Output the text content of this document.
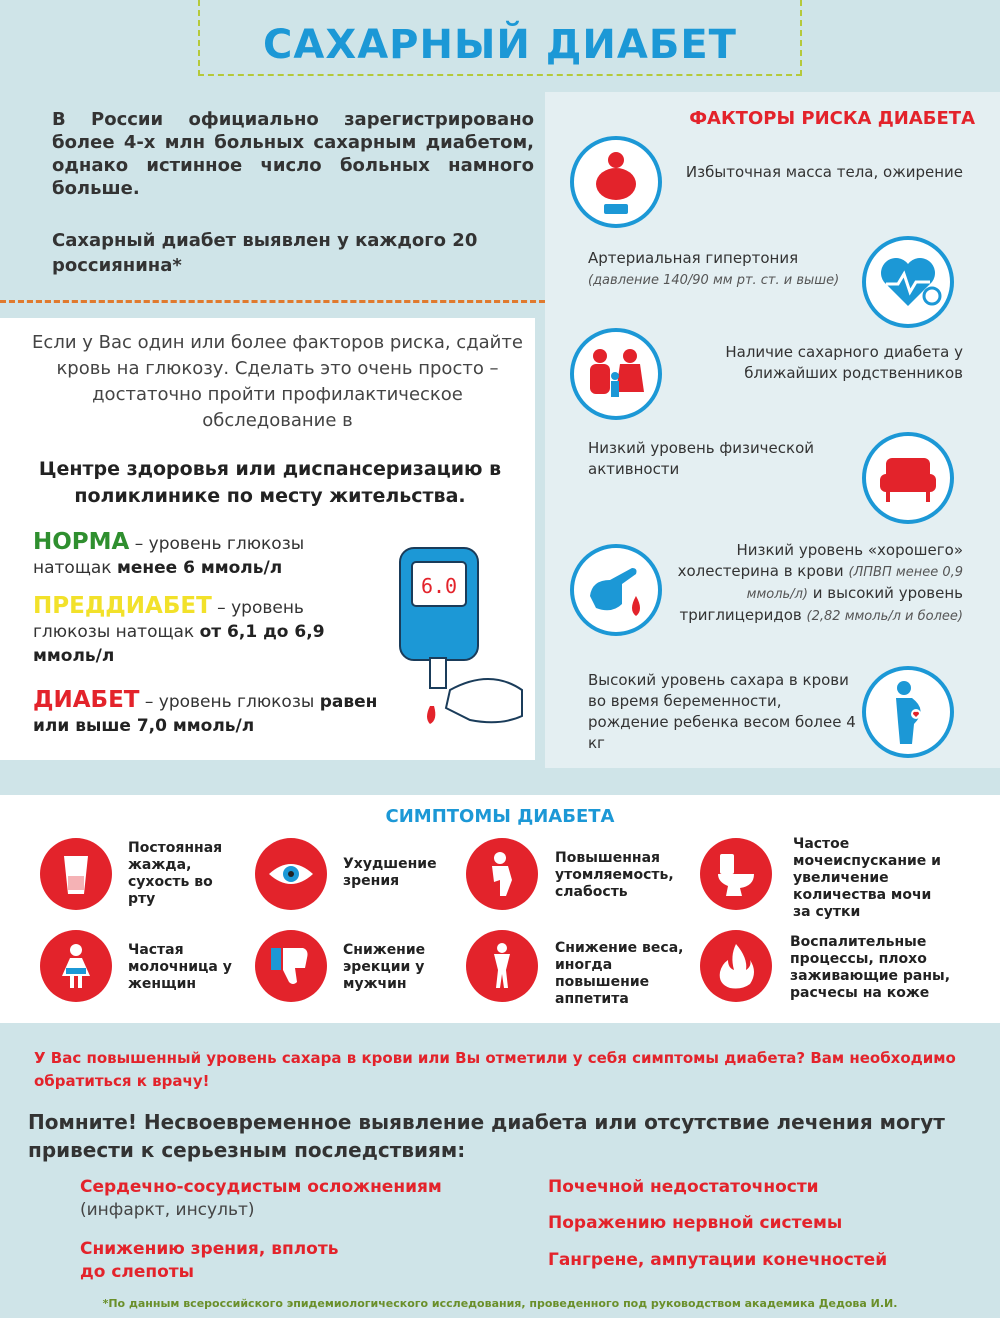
САХАРНЫЙ ДИАБЕТ
В России официально зарегистрировано более 4-х млн больных сахарным диабетом, однако истинное число больных намного больше.
Сахарный диабет выявлен у каждого 20 россиянина*
Если у Вас один или более факторов риска, сдайте кровь на глюкозу. Сделать это очень просто – достаточно пройти профилактическое обследование в
Центре здоровья или диспансеризацию в поликлинике по месту жительства.
НОРМА – уровень глюкозы натощак менее 6 ммоль/л
ПРЕДДИАБЕТ – уровень глюкозы натощак от 6,1 до 6,9 ммоль/л
ДИАБЕТ – уровень глюкозы равен или выше 7,0 ммоль/л
6.0
ФАКТОРЫ РИСКА ДИАБЕТА
Избыточная масса тела, ожирение
Артериальная гипертония
(давление 140/90 мм рт. ст. и выше)
Наличие сахарного диабета у ближайших родственников
Низкий уровень физической активности
Низкий уровень «хорошего» холестерина в крови (ЛПВП менее 0,9 ммоль/л) и высокий уровень триглицеридов (2,82 ммоль/л и более)
Высокий уровень сахара в крови во время беременности, рождение ребенка весом более 4 кг
СИМПТОМЫ ДИАБЕТА
Постоянная жажда, сухость во рту
Ухудшение зрения
Повышенная утомляемость, слабость
Частое мочеиспускание и увеличение количества мочи за сутки
Частая молочница у женщин
Снижение эрекции у мужчин
Снижение веса, иногда повышение аппетита
Воспалительные процессы, плохо заживающие раны, расчесы на коже
У Вас повышенный уровень сахара в крови или Вы отметили у себя симптомы диабета? Вам необходимо обратиться к врачу!
Помните! Несвоевременное выявление диабета или отсутствие лечения могут привести к серьезным последствиям:
Сердечно-сосудистым осложнениям (инфаркт, инсульт)
Снижению зрения, вплоть до слепоты
Почечной недостаточности
Поражению нервной системы
Гангрене, ампутации конечностей
*По данным всероссийского эпидемиологического исследования, проведенного под руководством академика Дедова И.И.
